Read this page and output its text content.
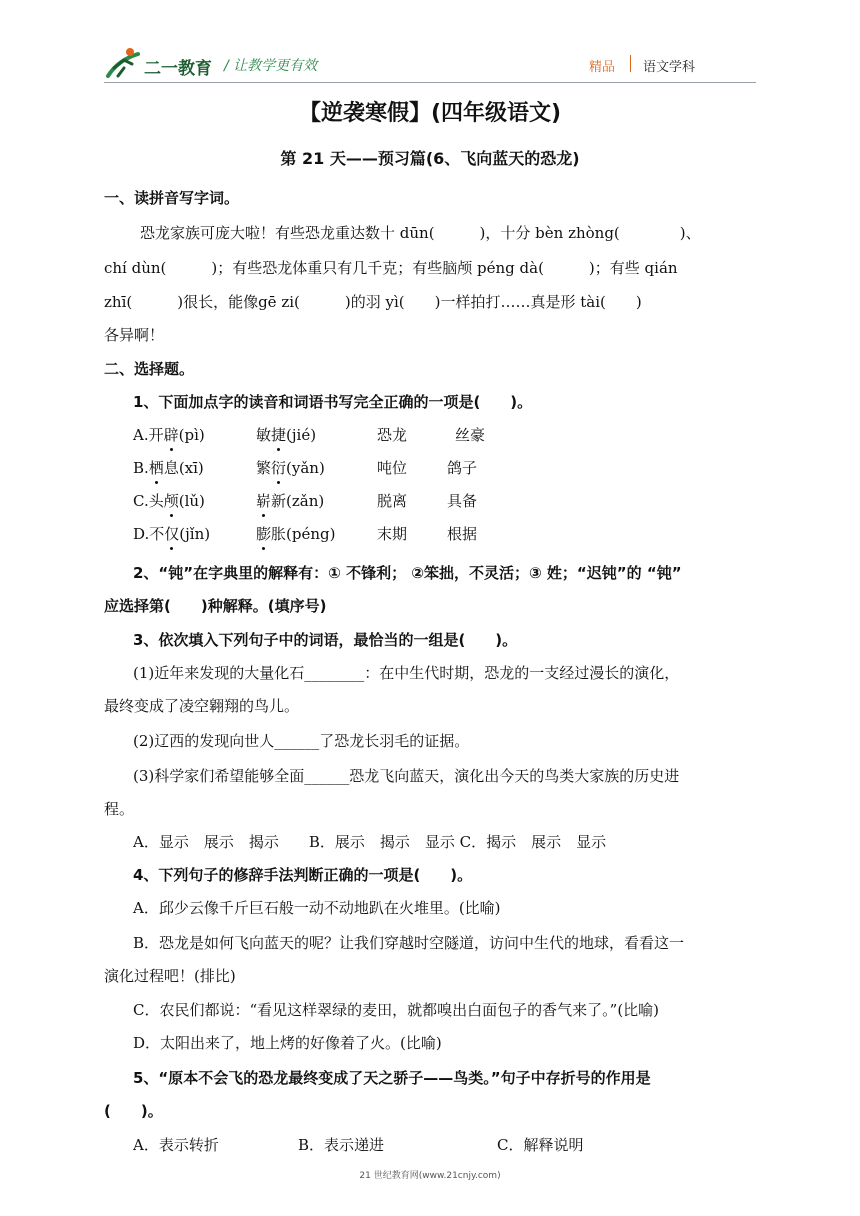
二一教育 / 让教学更有效	精品 语文学科
【逆袭寒假】(四年级语文)
第 21 天——预习篇(6、飞向蓝天的恐龙)
一、读拼音写字词。
恐龙家族可庞大啦！有些恐龙重达数十 dūn(　　　)，十分 bèn zhòng(　　　　)、
chí dùn(　　　)；有些恐龙体重只有几千克；有些脑颅 péng dà(　　　)；有些 qián
zhī(　　　)很长，能像gē zi(　　　)的羽 yì(　　)一样拍打……真是形 tài(　　)
各异啊！
二、选择题。
1、下面加点字的读音和词语书写完全正确的一项是(　　)。
A.开辟(pì)	敏捷(jié)	恐龙	丝豪
B.栖息(xī)	繁衍(yǎn)	吨位	鸽子
C.头颅(lǔ)	崭新(zǎn)	脱离	具备
D.不仅(jǐn)	膨胀(péng)	末期	根据
2、“钝”在字典里的解释有：① 不锋利； ②笨拙，不灵活；③ 姓；“迟钝”的 “钝”
应选择第(　　)种解释。(填序号)
3、依次填入下列句子中的词语，最恰当的一组是(　　)。
(1)近年来发现的大量化石________：在中生代时期，恐龙的一支经过漫长的演化，
最终变成了凌空翱翔的鸟儿。
(2)辽西的发现向世人______了恐龙长羽毛的证据。
(3)科学家们希望能够全面______恐龙飞向蓝天，演化出今天的鸟类大家族的历史进
程。
A．显示　展示　揭示　　B．展示　揭示　显示 C．揭示　展示　显示
4、下列句子的修辞手法判断正确的一项是(　　)。
A．邱少云像千斤巨石般一动不动地趴在火堆里。(比喻)
B．恐龙是如何飞向蓝天的呢？让我们穿越时空隧道，访问中生代的地球，看看这一
演化过程吧！(排比)
C．农民们都说：“看见这样翠绿的麦田，就都嗅出白面包子的香气来了。”(比喻)
D．太阳出来了，地上烤的好像着了火。(比喻)
5、“原本不会飞的恐龙最终变成了天之骄子——鸟类。”句子中存折号的作用是
(　　)。
A．表示转折	B．表示递进	C．解释说明
21 世纪教育网(www.21cnjy.com)
